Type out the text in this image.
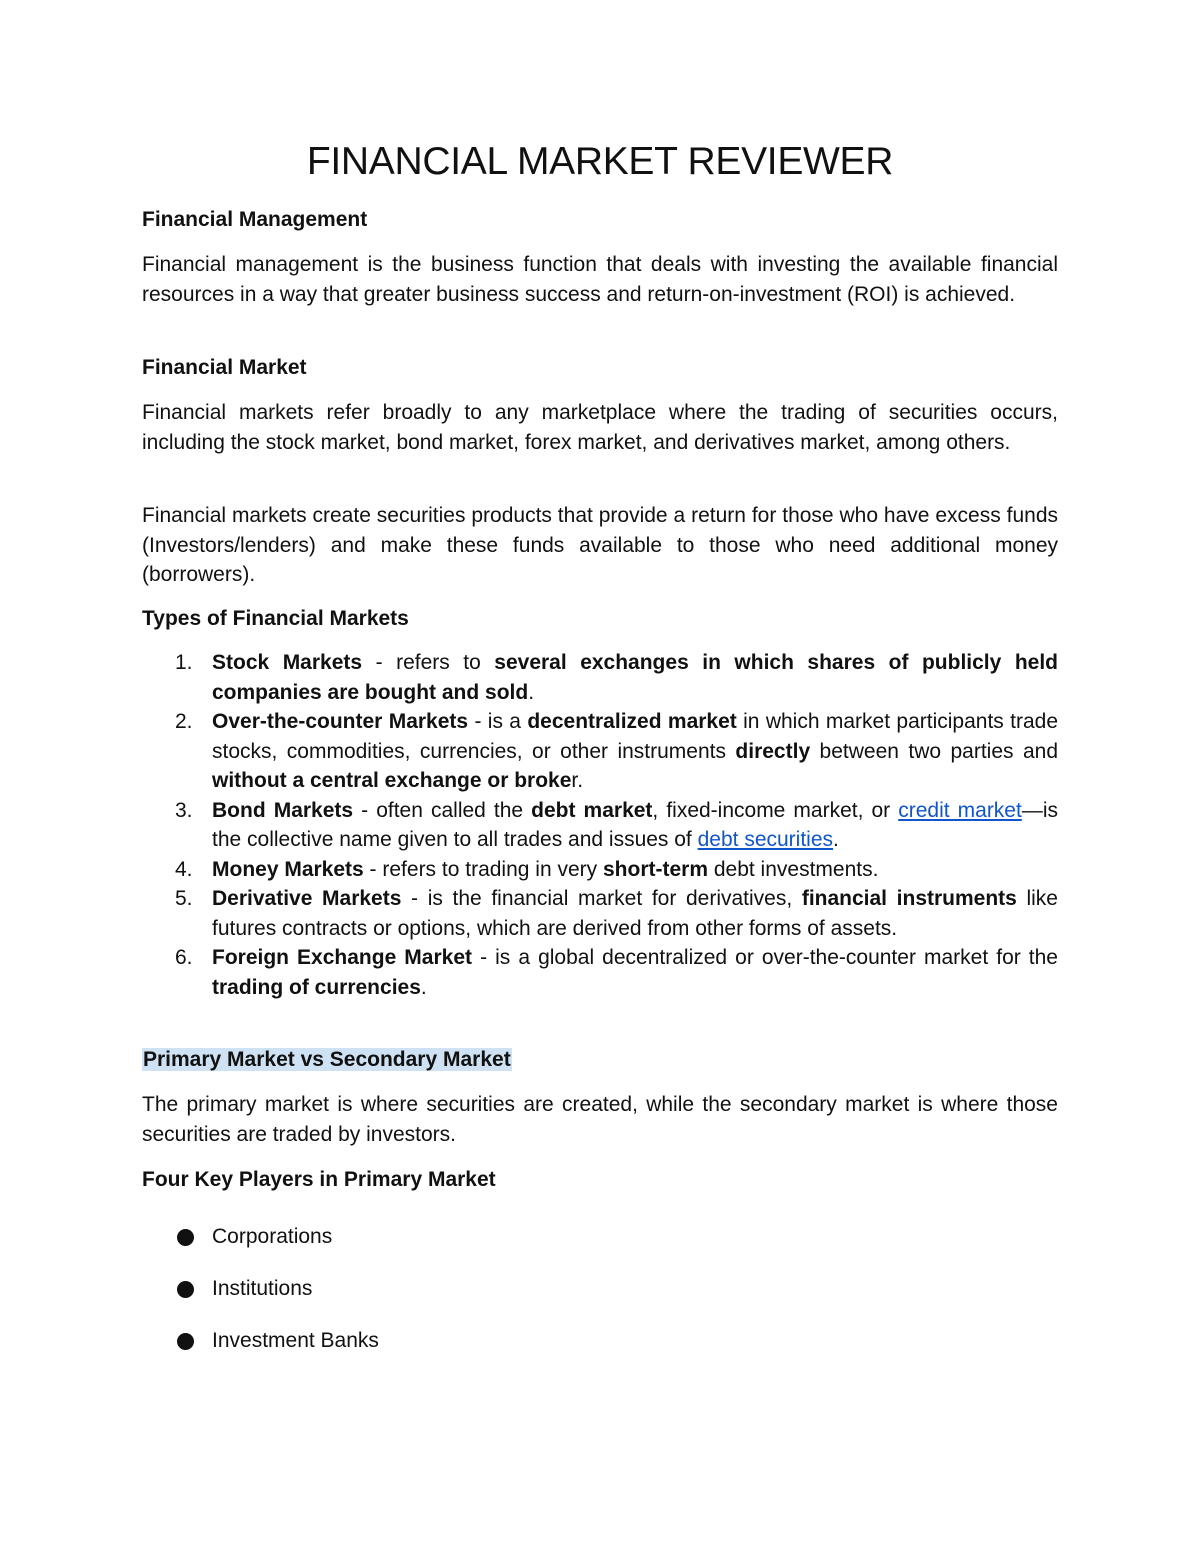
FINANCIAL MARKET REVIEWER
Financial Management

Financial management is the business function that deals with investing the available financial resources in a way that greater business success and return-on-investment (ROI) is achieved.

Financial Market

Financial markets refer broadly to any marketplace where the trading of securities occurs, including the stock market, bond market, forex market, and derivatives market, among others.

Financial markets create securities products that provide a return for those who have excess funds (Investors/lenders) and make these funds available to those who need additional money (borrowers).

Types of Financial Markets
1. Stock Markets - refers to several exchanges in which shares of publicly held companies are bought and sold.
2. Over-the-counter Markets - is a decentralized market in which market participants trade stocks, commodities, currencies, or other instruments directly between two parties and without a central exchange or broker.
3. Bond Markets - often called the debt market, fixed-income market, or credit market—is the collective name given to all trades and issues of debt securities.
4. Money Markets - refers to trading in very short-term debt investments.
5. Derivative Markets - is the financial market for derivatives, financial instruments like futures contracts or options, which are derived from other forms of assets.
6. Foreign Exchange Market - is a global decentralized or over-the-counter market for the trading of currencies.
Primary Market vs Secondary Market

The primary market is where securities are created, while the secondary market is where those securities are traded by investors.

Four Key Players in Primary Market
Corporations
Institutions
Investment Banks
